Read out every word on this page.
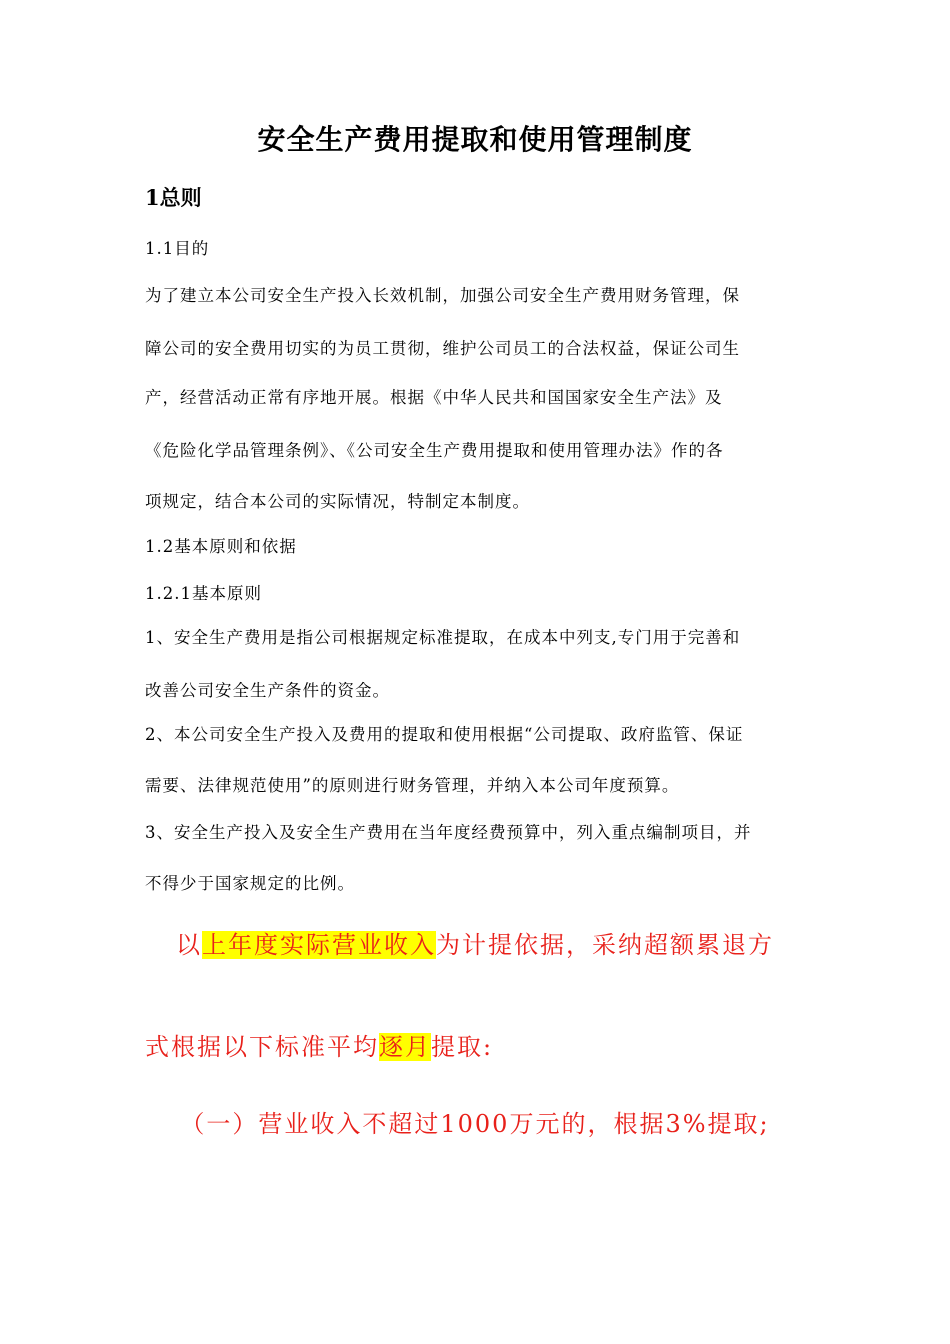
安全生产费用提取和使用管理制度
1总则
1.1目的
为了建立本公司安全生产投入长效机制，加强公司安全生产费用财务管理，保
障公司的安全费用切实的为员工贯彻，维护公司员工的合法权益，保证公司生
产，经营活动正常有序地开展。根据《中华人民共和国国家安全生产法》及
《危险化学品管理条例》、《公司安全生产费用提取和使用管理办法》作的各
项规定，结合本公司的实际情况，特制定本制度。
1.2基本原则和依据
1.2.1基本原则
1、安全生产费用是指公司根据规定标准提取，在成本中列支,专门用于完善和
改善公司安全生产条件的资金。
2、本公司安全生产投入及费用的提取和使用根据“公司提取、政府监管、保证
需要、法律规范使用”的原则进行财务管理，并纳入本公司年度预算。
3、安全生产投入及安全生产费用在当年度经费预算中，列入重点编制项目，并
不得少于国家规定的比例。
以上年度实际营业收入为计提依据，采纳超额累退方
式根据以下标准平均逐月提取:
（一）营业收入不超过1000万元的，根据3%提取;
